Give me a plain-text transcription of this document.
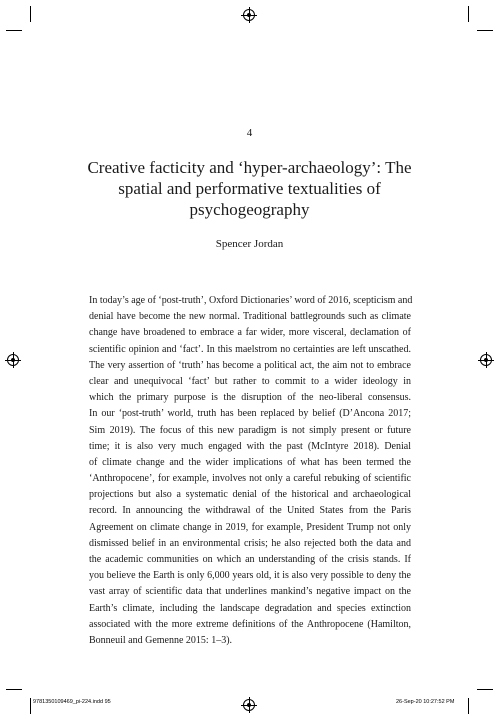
4
Creative facticity and ‘hyper-archaeology’: The
spatial and performative textualities of
psychogeography
Spencer Jordan
In today’s age of ‘post-truth’, Oxford Dictionaries’ word of 2016, scepticism and
denial have become the new normal. Traditional battlegrounds such as climate
change have broadened to embrace a far wider, more visceral, declamation of
scientific opinion and ‘fact’. In this maelstrom no certainties are left unscathed.
The very assertion of ‘truth’ has become a political act, the aim not to embrace
clear and unequivocal ‘fact’ but rather to commit to a wider ideology in
which the primary purpose is the disruption of the neo-liberal consensus.
In our ‘post-truth’ world, truth has been replaced by belief (D’Ancona 2017;
Sim 2019). The focus of this new paradigm is not simply present or future
time; it is also very much engaged with the past (McIntyre 2018). Denial
of climate change and the wider implications of what has been termed the
‘Anthropocene’, for example, involves not only a careful rebuking of scientific
projections but also a systematic denial of the historical and archaeological
record. In announcing the withdrawal of the United States from the Paris
Agreement on climate change in 2019, for example, President Trump not only
dismissed belief in an environmental crisis; he also rejected both the data and
the academic communities on which an understanding of the crisis stands. If
you believe the Earth is only 6,000 years old, it is also very possible to deny the
vast array of scientific data that underlines mankind’s negative impact on the
Earth’s climate, including the landscape degradation and species extinction
associated with the more extreme definitions of the Anthropocene (Hamilton,
Bonneuil and Gemenne 2015: 1–3).
9781350109469_pi-224.indd 95	26-Sep-20 10:27:52 PM
